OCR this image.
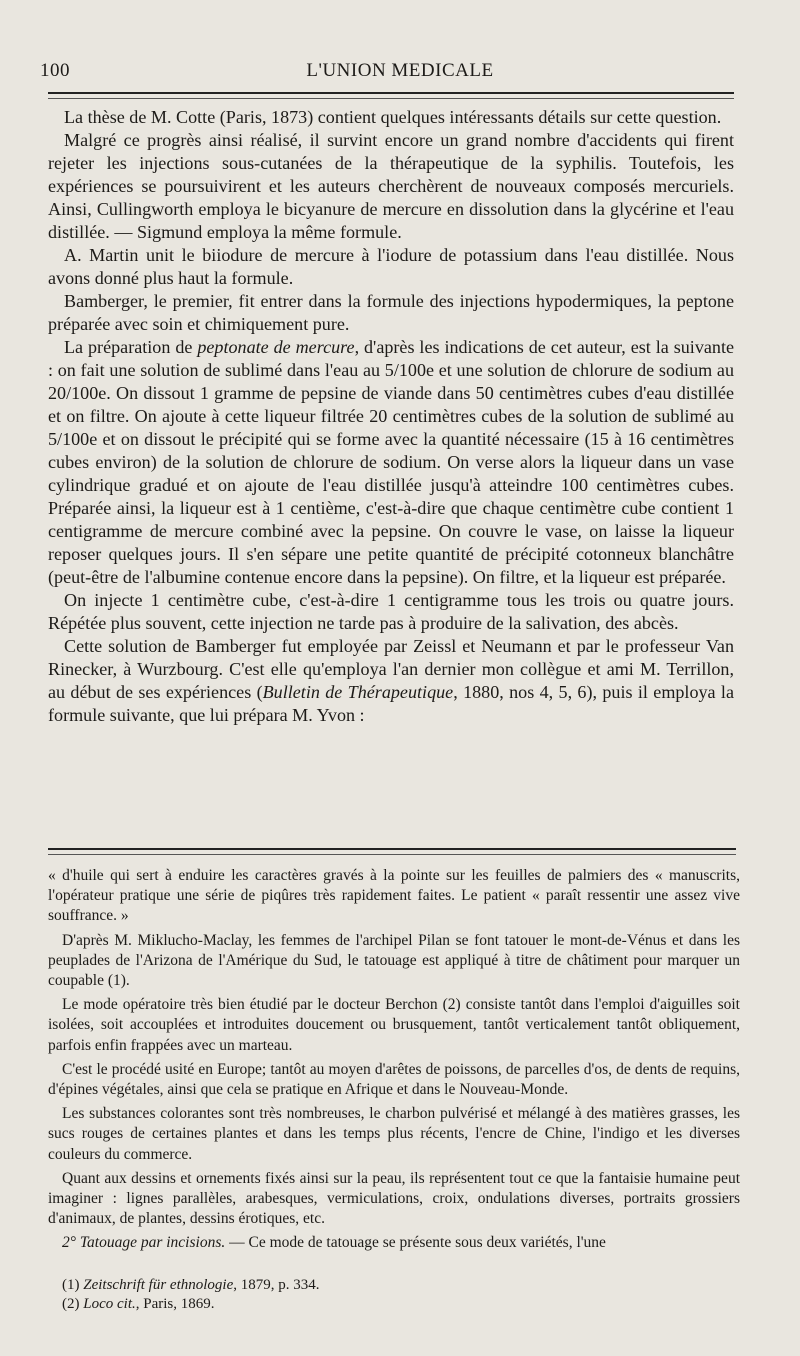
100	L'UNION MEDICALE

La thèse de M. Cotte (Paris, 1873) contient quelques intéressants détails sur cette question.

Malgré ce progrès ainsi réalisé, il survint encore un grand nombre d'accidents qui firent rejeter les injections sous-cutanées de la thérapeutique de la syphilis. Toutefois, les expériences se poursuivirent et les auteurs cherchèrent de nouveaux composés mercuriels. Ainsi, Cullingworth employa le bicyanure de mercure en dissolution dans la glycérine et l'eau distillée. — Sigmund employa la même formule.

A. Martin unit le biiodure de mercure à l'iodure de potassium dans l'eau distillée. Nous avons donné plus haut la formule.

Bamberger, le premier, fit entrer dans la formule des injections hypodermiques, la peptone préparée avec soin et chimiquement pure.

La préparation de peptonate de mercure, d'après les indications de cet auteur, est la suivante : on fait une solution de sublimé dans l'eau au 5/100e et une solution de chlorure de sodium au 20/100e. On dissout 1 gramme de pepsine de viande dans 50 centimètres cubes d'eau distillée et on filtre. On ajoute à cette liqueur filtrée 20 centimètres cubes de la solution de sublimé au 5/100e et on dissout le précipité qui se forme avec la quantité nécessaire (15 à 16 centimètres cubes environ) de la solution de chlorure de sodium. On verse alors la liqueur dans un vase cylindrique gradué et on ajoute de l'eau distillée jusqu'à atteindre 100 centimètres cubes. Préparée ainsi, la liqueur est à 1 centième, c'est-à-dire que chaque centimètre cube contient 1 centigramme de mercure combiné avec la pepsine. On couvre le vase, on laisse la liqueur reposer quelques jours. Il s'en sépare une petite quantité de précipité cotonneux blanchâtre (peut-être de l'albumine contenue encore dans la pepsine). On filtre, et la liqueur est préparée.

On injecte 1 centimètre cube, c'est-à-dire 1 centigramme tous les trois ou quatre jours. Répétée plus souvent, cette injection ne tarde pas à produire de la salivation, des abcès.

Cette solution de Bamberger fut employée par Zeissl et Neumann et par le professeur Van Rinecker, à Wurzbourg. C'est elle qu'employa l'an dernier mon collègue et ami M. Terrillon, au début de ses expériences (Bulletin de Thérapeutique, 1880, nos 4, 5, 6), puis il employa la formule suivante, que lui prépara M. Yvon :

« d'huile qui sert à enduire les caractères gravés à la pointe sur les feuilles de palmiers des « manuscrits, l'opérateur pratique une série de piqûres très rapidement faites. Le patient « paraît ressentir une assez vive souffrance. »

D'après M. Miklucho-Maclay, les femmes de l'archipel Pilan se font tatouer le mont-de-Vénus et dans les peuplades de l'Arizona de l'Amérique du Sud, le tatouage est appliqué à titre de châtiment pour marquer un coupable (1).

Le mode opératoire très bien étudié par le docteur Berchon (2) consiste tantôt dans l'emploi d'aiguilles soit isolées, soit accouplées et introduites doucement ou brusquement, tantôt verticalement tantôt obliquement, parfois enfin frappées avec un marteau.

C'est le procédé usité en Europe; tantôt au moyen d'arêtes de poissons, de parcelles d'os, de dents de requins, d'épines végétales, ainsi que cela se pratique en Afrique et dans le Nouveau-Monde.

Les substances colorantes sont très nombreuses, le charbon pulvérisé et mélangé à des matières grasses, les sucs rouges de certaines plantes et dans les temps plus récents, l'encre de Chine, l'indigo et les diverses couleurs du commerce.

Quant aux dessins et ornements fixés ainsi sur la peau, ils représentent tout ce que la fantaisie humaine peut imaginer : lignes parallèles, arabesques, vermiculations, croix, ondulations diverses, portraits grossiers d'animaux, de plantes, dessins érotiques, etc.

2° Tatouage par incisions. — Ce mode de tatouage se présente sous deux variétés, l'une

(1) Zeitschrift für ethnologie, 1879, p. 334.
(2) Loco cit., Paris, 1869.
